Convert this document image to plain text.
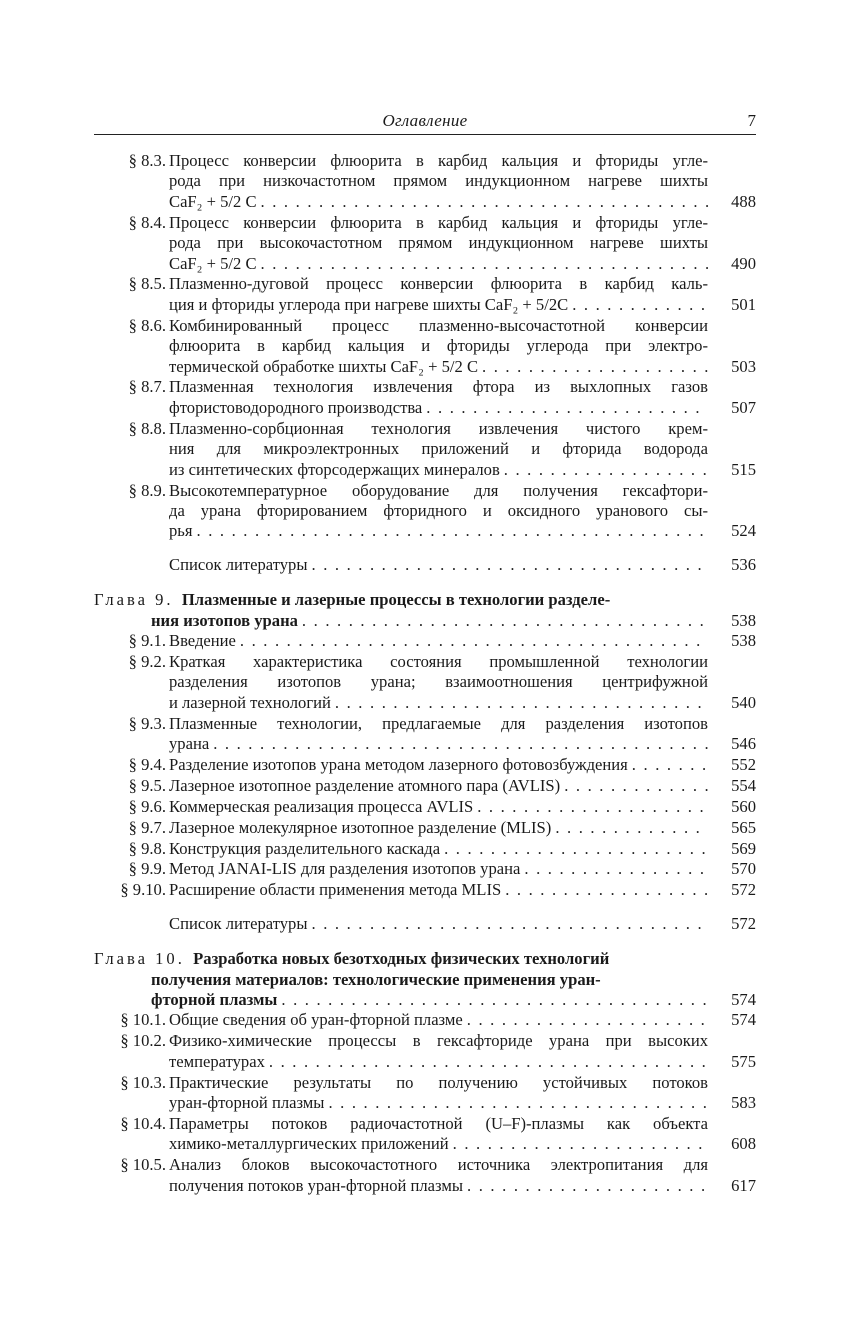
Оглавление	7
§ 8.3. Процесс конверсии флюорита в карбид кальция и фториды угле-
рода при низкочастотном прямом индукционном нагреве шихты
CaF₂ + 5/2 C . . .	488
§ 8.4. Процесс конверсии флюорита в карбид кальция и фториды угле-
рода при высокочастотном прямом индукционном нагреве шихты
CaF₂ + 5/2 C . . .	490
§ 8.5. Плазменно-дуговой процесс конверсии флюорита в карбид каль-
ция и фториды углерода при нагреве шихты CaF₂ + 5/2C . . .	501
§ 8.6. Комбинированный процесс плазменно-высочастотной конверсии
флюорита в карбид кальция и фториды углерода при электро-
термической обработке шихты CaF₂ + 5/2 C . . .	503
§ 8.7. Плазменная технология извлечения фтора из выхлопных газов
фтористоводородного производства . . .	507
§ 8.8. Плазменно-сорбционная технология извлечения чистого крем-
ния для микроэлектронных приложений и фторида водорода
из синтетических фторсодержащих минералов . . .	515
§ 8.9. Высокотемпературное оборудование для получения гексафтори-
да урана фторированием фторидного и оксидного уранового сы-
рья . . .	524
Список литературы . . .	536
Глава 9. Плазменные и лазерные процессы в технологии разделе-
ния изотопов урана . . .	538
§ 9.1. Введение . . .	538
§ 9.2. Краткая характеристика состояния промышленной технологии
разделения изотопов урана; взаимоотношения центрифужной
и лазерной технологий . . .	540
§ 9.3. Плазменные технологии, предлагаемые для разделения изотопов
урана . . .	546
§ 9.4. Разделение изотопов урана методом лазерного фотовозбуждения . . .	552
§ 9.5. Лазерное изотопное разделение атомного пара (AVLIS) . . .	554
§ 9.6. Коммерческая реализация процесса AVLIS . . .	560
§ 9.7. Лазерное молекулярное изотопное разделение (MLIS) . . .	565
§ 9.8. Конструкция разделительного каскада . . .	569
§ 9.9. Метод JANAI-LIS для разделения изотопов урана . . .	570
§ 9.10. Расширение области применения метода MLIS . . .	572
Список литературы . . .	572
Глава 10. Разработка новых безотходных физических технологий
получения материалов: технологические применения уран-
фторной плазмы . . .	574
§ 10.1. Общие сведения об уран-фторной плазме . . .	574
§ 10.2. Физико-химические процессы в гексафториде урана при высоких
температурах . . .	575
§ 10.3. Практические результаты по получению устойчивых потоков
уран-фторной плазмы . . .	583
§ 10.4. Параметры потоков радиочастотной (U–F)-плазмы как объекта
химико-металлургических приложений . . .	608
§ 10.5. Анализ блоков высокочастотного источника электропитания для
получения потоков уран-фторной плазмы . . .	617
